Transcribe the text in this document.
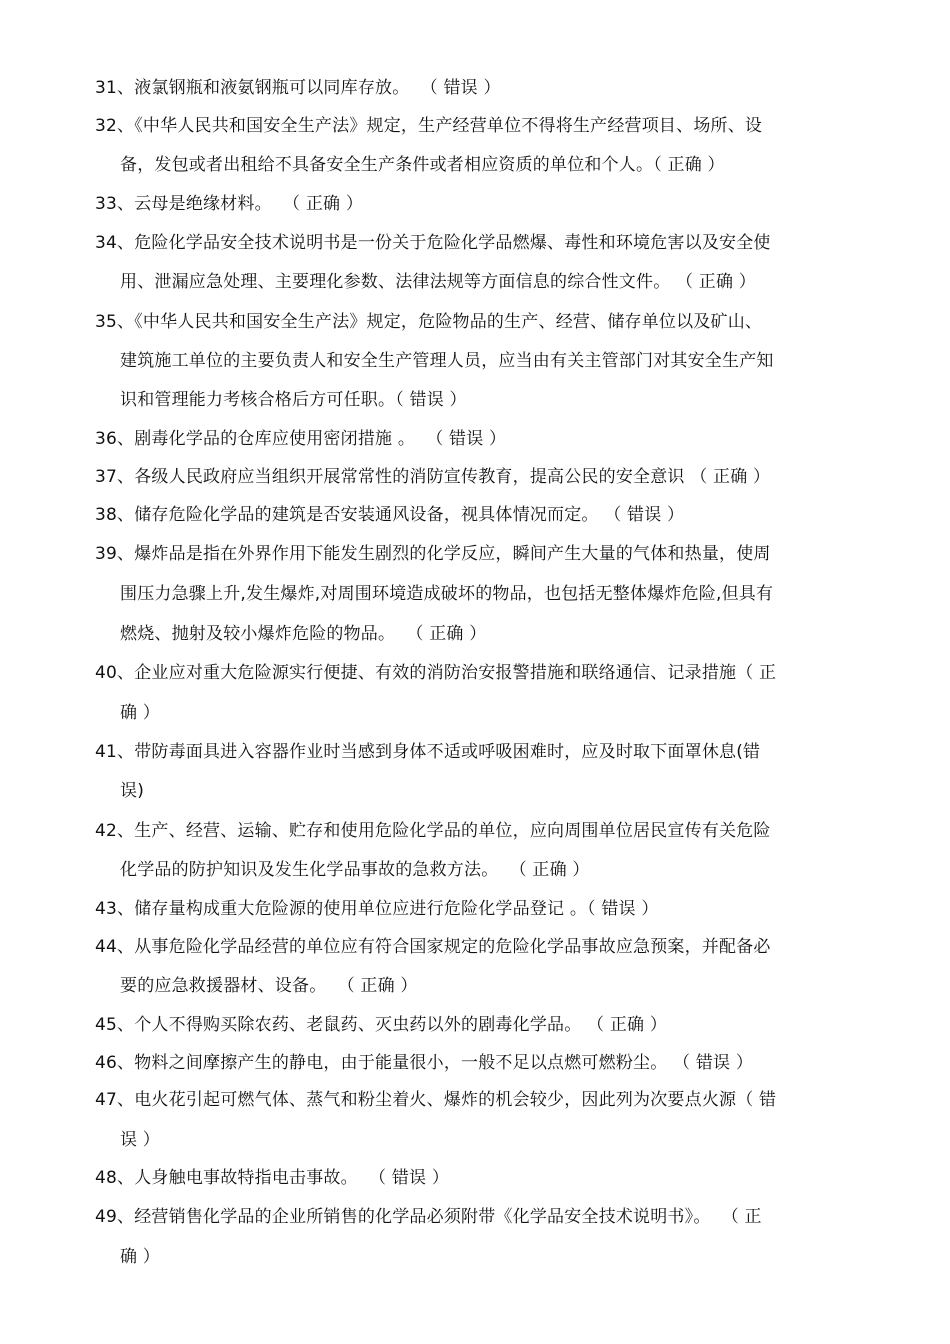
31、液氯钢瓶和液氨钢瓶可以同库存放。  （ 错误 ）
32、《中华人民共和国安全生产法》规定，生产经营单位不得将生产经营项目、场所、设
备，发包或者出租给不具备安全生产条件或者相应资质的单位和个人。（ 正确 ）
33、云母是绝缘材料。  （ 正确 ）
34、危险化学品安全技术说明书是一份关于危险化学品燃爆、毒性和环境危害以及安全使
用、泄漏应急处理、主要理化参数、法律法规等方面信息的综合性文件。 （ 正确 ）
35、《中华人民共和国安全生产法》规定，危险物品的生产、经营、储存单位以及矿山、
建筑施工单位的主要负责人和安全生产管理人员，应当由有关主管部门对其安全生产知
识和管理能力考核合格后方可任职。（ 错误 ）
36、剧毒化学品的仓库应使用密闭措施 。  （ 错误 ）
37、各级人民政府应当组织开展常常性的消防宣传教育，提高公民的安全意识 （ 正确 ）
38、储存危险化学品的建筑是否安装通风设备，视具体情况而定。 （ 错误 ）
39、爆炸品是指在外界作用下能发生剧烈的化学反应，瞬间产生大量的气体和热量，使周
围压力急骤上升,发生爆炸,对周围环境造成破坏的物品，也包括无整体爆炸危险,但具有
燃烧、抛射及较小爆炸危险的物品。  （ 正确 ）
40、企业应对重大危险源实行便捷、有效的消防治安报警措施和联络通信、记录措施（ 正
确 ）
41、带防毒面具进入容器作业时当感到身体不适或呼吸困难时，应及时取下面罩休息(错
误)
42、生产、经营、运输、贮存和使用危险化学品的单位，应向周围单位居民宣传有关危险
化学品的防护知识及发生化学品事故的急救方法。  （ 正确 ）
43、储存量构成重大危险源的使用单位应进行危险化学品登记 。（ 错误 ）
44、从事危险化学品经营的单位应有符合国家规定的危险化学品事故应急预案，并配备必
要的应急救援器材、设备。  （ 正确 ）
45、个人不得购买除农药、老鼠药、灭虫药以外的剧毒化学品。 （ 正确 ）
46、物料之间摩擦产生的静电，由于能量很小，一般不足以点燃可燃粉尘。 （ 错误 ）
47、电火花引起可燃气体、蒸气和粉尘着火、爆炸的机会较少，因此列为次要点火源（ 错
误 ）
48、人身触电事故特指电击事故。  （ 错误 ）
49、经营销售化学品的企业所销售的化学品必须附带《化学品安全技术说明书》。  （ 正
确 ）
